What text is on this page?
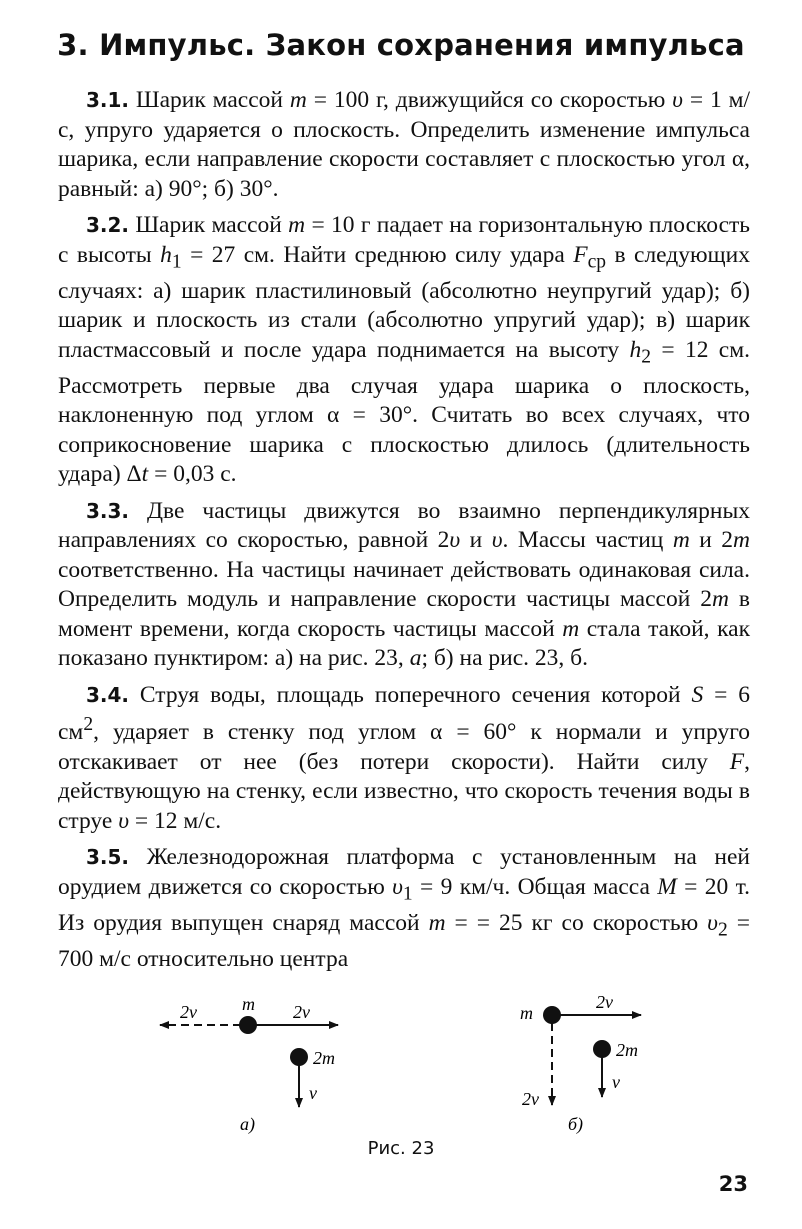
3. Импульс. Закон сохранения импульса

3.1. Шарик массой m = 100 г, движущийся со скоростью υ = 1 м/с, упруго ударяется о плоскость. Определить изменение импульса шарика, если направление скорости составляет с плоскостью угол α, равный: а) 90°; б) 30°.

3.2. Шарик массой m = 10 г падает на горизонтальную плоскость с высоты $h_1 = 27$ см. Найти среднюю силу удара $F_{ср}$ в следующих случаях: а) шарик пластилиновый (абсолютно неупругий удар); б) шарик и плоскость из стали (абсолютно упругий удар); в) шарик пластмассовый и после удара поднимается на высоту $h_2 = 12$ см. Рассмотреть первые два случая удара шарика о плоскость, наклоненную под углом α = 30°. Считать во всех случаях, что соприкосновение шарика с плоскостью длилось (длительность удара) Δt = 0,03 с.

3.3. Две частицы движутся во взаимно перпендикулярных направлениях со скоростью, равной 2υ и υ. Массы частиц m и 2m соответственно. На частицы начинает действовать одинаковая сила. Определить модуль и направление скорости частицы массой 2m в момент времени, когда скорость частицы массой m стала такой, как показано пунктиром: а) на рис. 23, а; б) на рис. 23, б.

3.4. Струя воды, площадь поперечного сечения которой S = 6 $см^2$, ударяет в стенку под углом α = 60° к нормали и упруго отскакивает от нее (без потери скорости). Найти силу F, действующую на стенку, если известно, что скорость течения воды в струе υ = 12 м/с.

3.5. Железнодорожная платформа с установленным на ней орудием движется со скоростью $\upsilon_1 = 9$ км/ч. Общая масса M = 20 т. Из орудия выпущен снаряд массой m = = 25 кг со скоростью $\upsilon_2 = 700$ м/с относительно центра

2v⃗ m 2v⃗
2m
v⃗
а)
m
2v⃗
2v⃗
2m
v⃗
б)
Рис. 23
23
